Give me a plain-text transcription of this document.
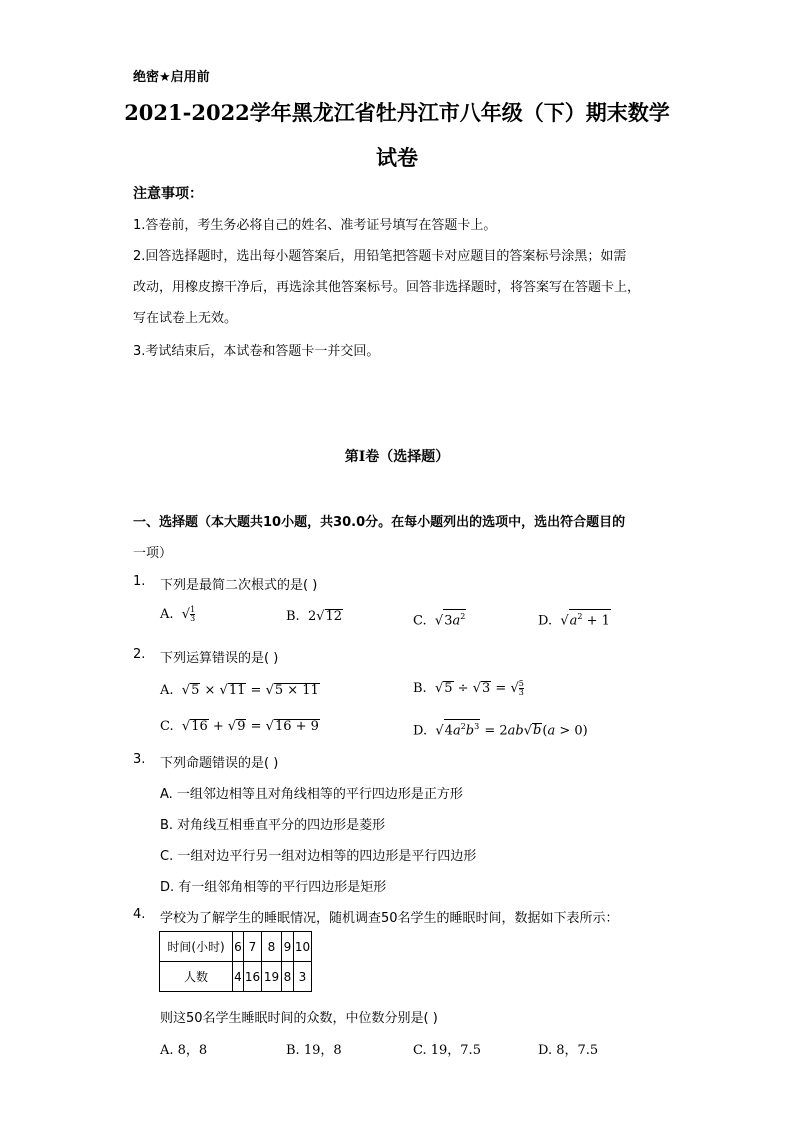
绝密★启用前
2021-2022学年黑龙江省牡丹江市八年级（下）期末数学
试卷
注意事项：
1.答卷前，考生务必将自己的姓名、准考证号填写在答题卡上。
2.回答选择题时，选出每小题答案后，用铅笔把答题卡对应题目的答案标号涂黑；如需
改动，用橡皮擦干净后，再选涂其他答案标号。回答非选择题时，将答案写在答题卡上，
写在试卷上无效。
3.考试结束后，本试卷和答题卡一并交回。
第I卷（选择题）
一、选择题（本大题共10小题，共30.0分。在每小题列出的选项中，选出符合题目的
一项）
1. 下列是最简二次根式的是( )
A. √ $\frac{1}{3}$	B.  2√12	C. $√3a^2$	D. $√a^2 + 1$
2. 下列运算错误的是( )
A. √5 × √11 = √5 × 11	B. √5 ÷ √3 = √ $\frac{5}{3}$
C. √16 + √9 = √16 + 9	D. $√4a^2b^3 = 2ab√b(a > 0)$
3. 下列命题错误的是( )
A. 一组邻边相等且对角线相等的平行四边形是正方形
B. 对角线互相垂直平分的四边形是菱形
C. 一组对边平行另一组对边相等的四边形是平行四边形
D. 有一组邻角相等的平行四边形是矩形
4. 学校为了解学生的睡眠情况，随机调查50名学生的睡眠时间，数据如下表所示：
时间(小时)	6	7	8	9	10
人数	4	16	19	8	3
则这50名学生睡眠时间的众数，中位数分别是( )
A. 8，8	B. 19，8	C. 19，7.5	D. 8，7.5
